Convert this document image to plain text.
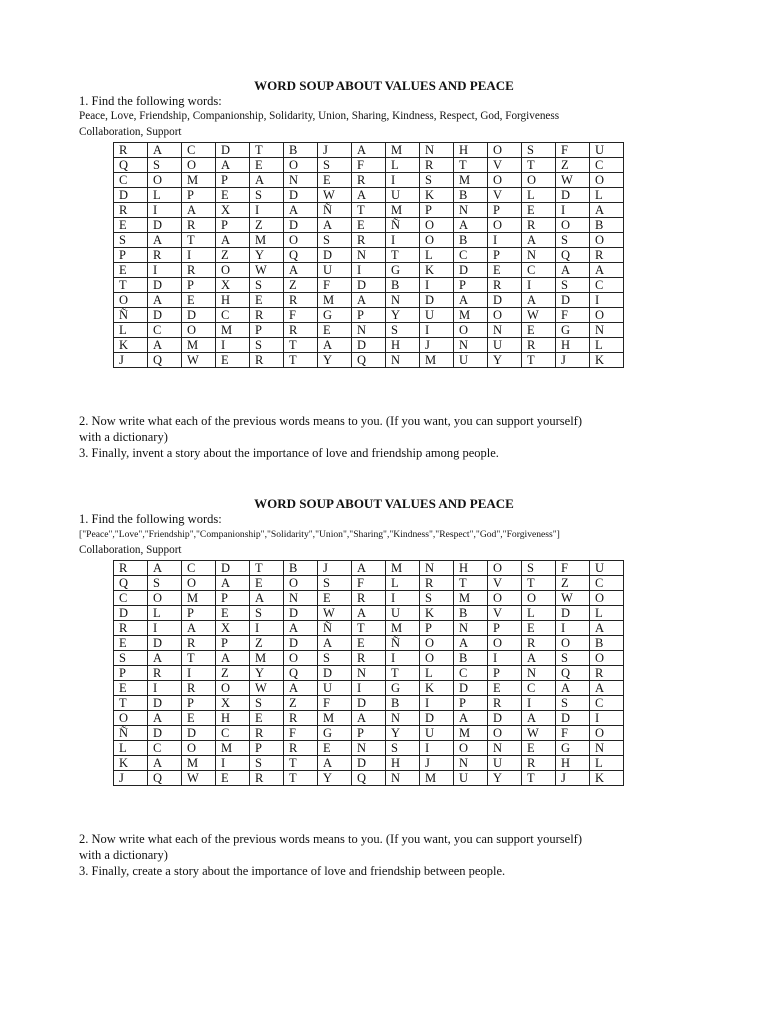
WORD SOUP ABOUT VALUES AND PEACE
1. Find the following words:
Peace, Love, Friendship, Companionship, Solidarity, Union, Sharing, Kindness, Respect, God, Forgiveness
Collaboration, Support
R	A	C	D	T	B	J	A	M	N	H	O	S	F	U
Q	S	O	A	E	O	S	F	L	R	T	V	T	Z	C
C	O	M	P	A	N	E	R	I	S	M	O	O	W	O
D	L	P	E	S	D	W	A	U	K	B	V	L	D	L
R	I	A	X	I	A	Ñ	T	M	P	N	P	E	I	A
E	D	R	P	Z	D	A	E	Ñ	O	A	O	R	O	B
S	A	T	A	M	O	S	R	I	O	B	I	A	S	O
P	R	I	Z	Y	Q	D	N	T	L	C	P	N	Q	R
E	I	R	O	W	A	U	I	G	K	D	E	C	A	A
T	D	P	X	S	Z	F	D	B	I	P	R	I	S	C
O	A	E	H	E	R	M	A	N	D	A	D	A	D	I
Ñ	D	D	C	R	F	G	P	Y	U	M	O	W	F	O
L	C	O	M	P	R	E	N	S	I	O	N	E	G	N
K	A	M	I	S	T	A	D	H	J	N	U	R	H	L
J	Q	W	E	R	T	Y	Q	N	M	U	Y	T	J	K
2. Now write what each of the previous words means to you. (If you want, you can support yourself)
with a dictionary)
3. Finally, invent a story about the importance of love and friendship among people.
WORD SOUP ABOUT VALUES AND PEACE
1. Find the following words:
["Peace","Love","Friendship","Companionship","Solidarity","Union","Sharing","Kindness","Respect","God","Forgiveness"]
Collaboration, Support
R	A	C	D	T	B	J	A	M	N	H	O	S	F	U
Q	S	O	A	E	O	S	F	L	R	T	V	T	Z	C
C	O	M	P	A	N	E	R	I	S	M	O	O	W	O
D	L	P	E	S	D	W	A	U	K	B	V	L	D	L
R	I	A	X	I	A	Ñ	T	M	P	N	P	E	I	A
E	D	R	P	Z	D	A	E	Ñ	O	A	O	R	O	B
S	A	T	A	M	O	S	R	I	O	B	I	A	S	O
P	R	I	Z	Y	Q	D	N	T	L	C	P	N	Q	R
E	I	R	O	W	A	U	I	G	K	D	E	C	A	A
T	D	P	X	S	Z	F	D	B	I	P	R	I	S	C
O	A	E	H	E	R	M	A	N	D	A	D	A	D	I
Ñ	D	D	C	R	F	G	P	Y	U	M	O	W	F	O
L	C	O	M	P	R	E	N	S	I	O	N	E	G	N
K	A	M	I	S	T	A	D	H	J	N	U	R	H	L
J	Q	W	E	R	T	Y	Q	N	M	U	Y	T	J	K
2. Now write what each of the previous words means to you. (If you want, you can support yourself)
with a dictionary)
3. Finally, create a story about the importance of love and friendship between people.
